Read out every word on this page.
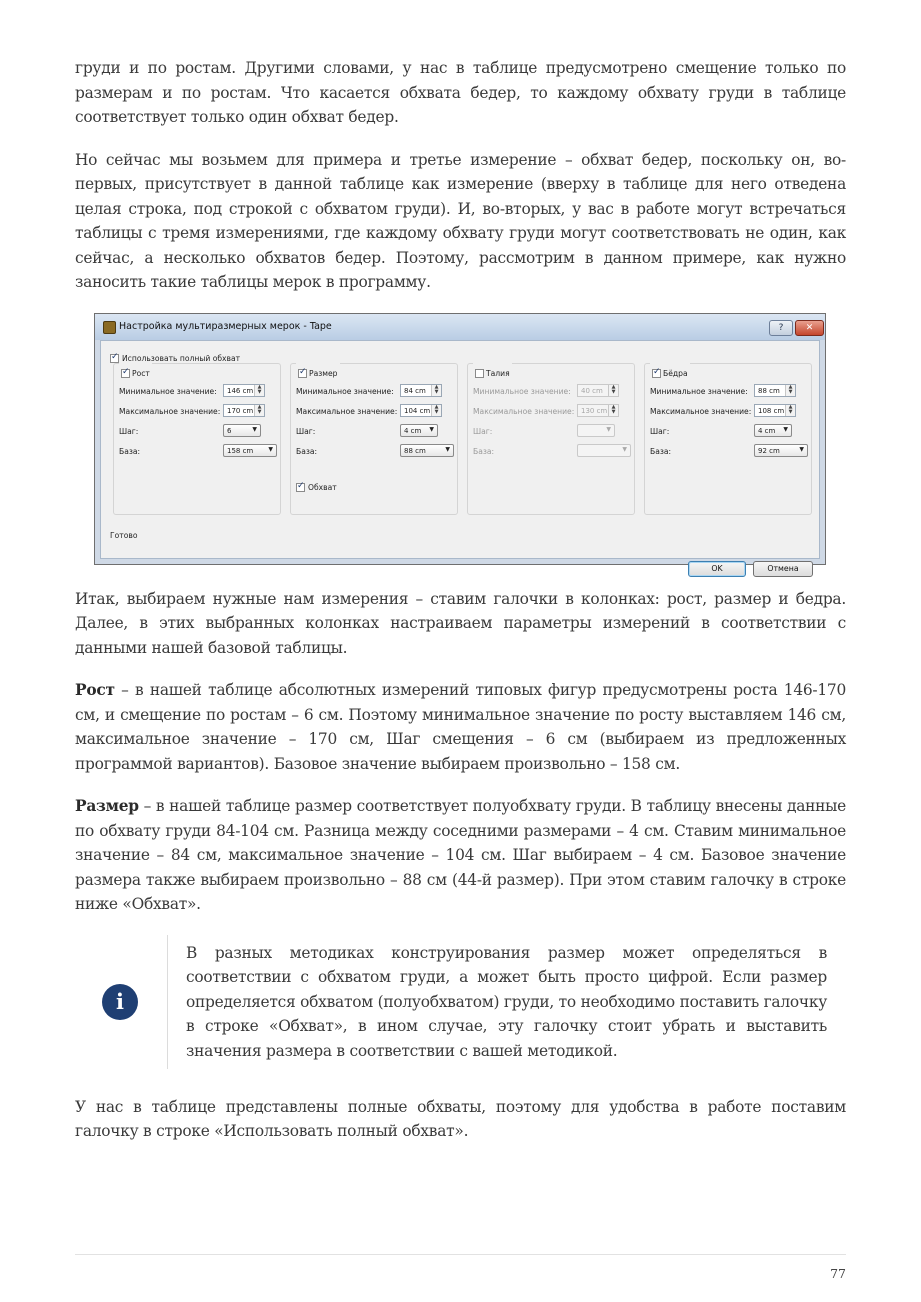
груди и по ростам. Другими словами, у нас в таблице предусмотрено смещение только по размерам и по ростам. Что касается обхвата бедер, то каждому обхвату груди в таблице соответствует только один обхват бедер.

Но сейчас мы возьмем для примера и третье измерение – обхват бедер, поскольку он, во-первых, присутствует в данной таблице как измерение (вверху в таблице для него отведена целая строка, под строкой с обхватом груди). И, во-вторых, у вас в работе могут встречаться таблицы с тремя измерениями, где каждому обхвату груди могут соответствовать не один, как сейчас, а несколько обхватов бедер. Поэтому, рассмотрим в данном примере, как нужно заносить такие таблицы мерок в программу.

Настройка мультиразмерных мерок - Tape	?	✕
✓Использовать полный обхват
✓Рост
Минимальное значение: 146 cm ▲
▼
Максимальное значение: 170 cm ▲
▼
Шаг:	6	▼
База:	158 cm	▼
✓Размер
Минимальное значение: 84 cm	▲
▼
Максимальное значение: 104 cm ▲
▼
Шаг:	4 cm ▼
База:	88 cm	▼
✓Обхват
Талия
Минимальное значение: 40 cm	▲
▼
Максимальное значение: 130 cm ▲
▼
Шаг:	▼
База:	▼
✓Бёдра
Минимальное значение: 88 cm	▲
▼
Максимальное значение: 108 cm ▲
▼
Шаг:	4 cm ▼
База:	92 cm	▼
Готово
OK	Отмена

Итак, выбираем нужные нам измерения – ставим галочки в колонках: рост, размер и бедра. Далее, в этих выбранных колонках настраиваем параметры измерений в соответствии с данными нашей базовой таблицы.

Рост – в нашей таблице абсолютных измерений типовых фигур предусмотрены роста 146-170 см, и смещение по ростам – 6 см. Поэтому минимальное значение по росту выставляем 146 см, максимальное значение – 170 см, Шаг смещения – 6 см (выбираем из предложенных программой вариантов). Базовое значение выбираем произвольно – 158 см.

Размер – в нашей таблице размер соответствует полуобхвату груди. В таблицу внесены данные по обхвату груди 84-104 см. Разница между соседними размерами – 4 см. Ставим минимальное значение – 84 см, максимальное значение – 104 см. Шаг выбираем – 4 см. Базовое значение размера также выбираем произвольно – 88 см (44-й размер). При этом ставим галочку в строке ниже «Обхват».

i

В разных методиках конструирования размер может определяться в соответствии с обхватом груди, а может быть просто цифрой. Если размер определяется обхватом (полуобхватом) груди, то необходимо поставить галочку в строке «Обхват», в ином случае, эту галочку стоит убрать и выставить значения размера в соответствии с вашей методикой.

У нас в таблице представлены полные обхваты, поэтому для удобства в работе поставим галочку в строке «Использовать полный обхват».

77
